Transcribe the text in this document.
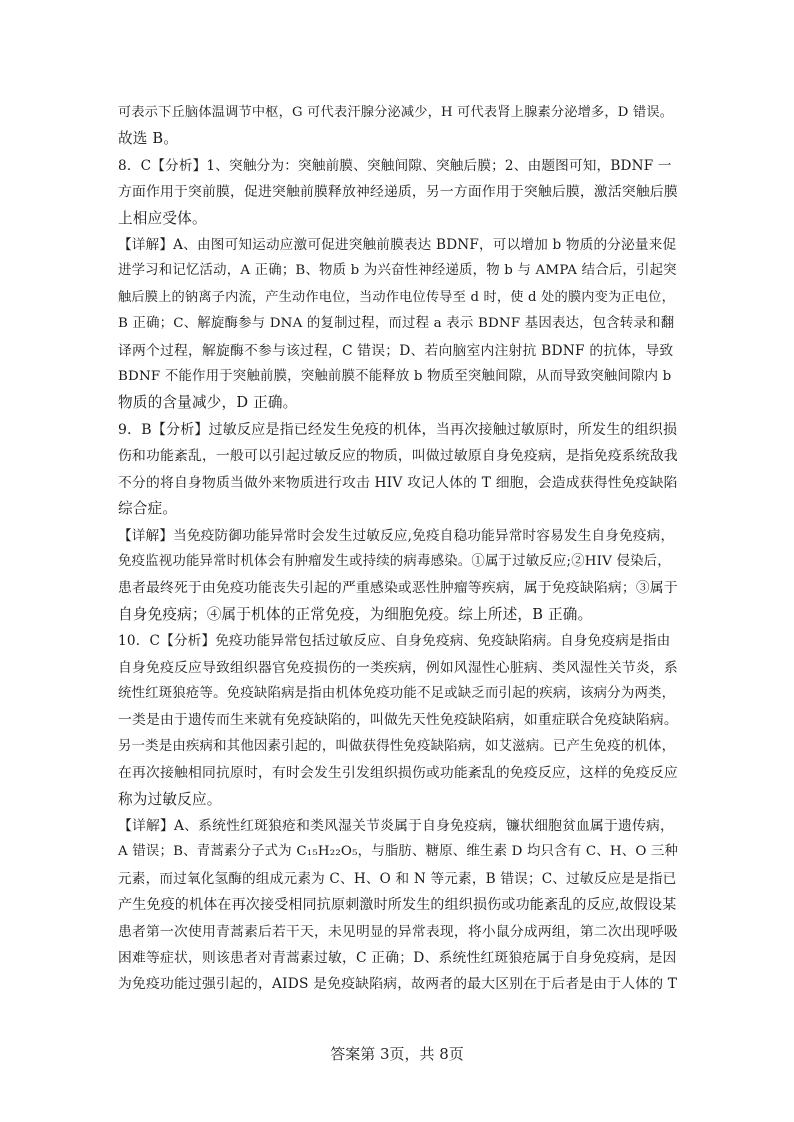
可表示下丘脑体温调节中枢，G 可代表汗腺分泌减少，H 可代表肾上腺素分泌增多，D 错误。

故选 B。

8．C【分析】1、突触分为：突触前膜、突触间隙、突触后膜；2、由题图可知，BDNF 一

方面作用于突前膜，促进突触前膜释放神经递质，另一方面作用于突触后膜，激活突触后膜

上相应受体。

【详解】A、由图可知运动应激可促进突触前膜表达 BDNF，可以增加 b 物质的分泌量来促

进学习和记忆活动，A 正确；B、物质 b 为兴奋性神经递质，物 b 与 AMPA 结合后，引起突

触后膜上的钠离子内流，产生动作电位，当动作电位传导至 d 时，使 d 处的膜内变为正电位，

B 正确；C、解旋酶参与 DNA 的复制过程，而过程 a 表示 BDNF 基因表达，包含转录和翻

译两个过程，解旋酶不参与该过程，C 错误；D、若向脑室内注射抗 BDNF 的抗体，导致

BDNF 不能作用于突触前膜，突触前膜不能释放 b 物质至突触间隙，从而导致突触间隙内 b

物质的含量减少，D 正确。

9．B【分析】过敏反应是指已经发生免疫的机体，当再次接触过敏原时，所发生的组织损

伤和功能紊乱，一般可以引起过敏反应的物质，叫做过敏原自身免疫病，是指免疫系统敌我

不分的将自身物质当做外来物质进行攻击 HIV 攻记人体的 T 细胞，会造成获得性免疫缺陷

综合症。

【详解】当免疫防御功能异常时会发生过敏反应,免疫自稳功能异常时容易发生自身免疫病，

免疫监视功能异常时机体会有肿瘤发生或持续的病毒感染。①属于过敏反应;②HIV 侵染后，

患者最终死于由免疫功能丧失引起的严重感染或恶性肿瘤等疾病，属于免疫缺陷病；③属于

自身免疫病；④属于机体的正常免疫，为细胞免疫。综上所述，B 正确。

10．C【分析】免疫功能异常包括过敏反应、自身免疫病、免疫缺陷病。自身免疫病是指由

自身免疫反应导致组织器官免疫损伤的一类疾病，例如风湿性心脏病、类风湿性关节炎，系

统性红斑狼疮等。免疫缺陷病是指由机体免疫功能不足或缺乏而引起的疾病，该病分为两类，

一类是由于遗传而生来就有免疫缺陷的，叫做先天性免疫缺陷病，如重症联合免疫缺陷病。

另一类是由疾病和其他因素引起的，叫做获得性免疫缺陷病，如艾滋病。已产生免疫的机体，

在再次接触相同抗原时，有时会发生引发组织损伤或功能紊乱的免疫反应，这样的免疫反应

称为过敏反应。

【详解】A、系统性红斑狼疮和类风湿关节炎属于自身免疫病，镰状细胞贫血属于遗传病，

A 错误；B、青蒿素分子式为 C₁₅H₂₂O₅，与脂肪、糖原、维生素 D 均只含有 C、H、O 三种

元素，而过氧化氢酶的组成元素为 C、H、O 和 N 等元素，B 错误；C、过敏反应是是指已

产生免疫的机体在再次接受相同抗原刺激时所发生的组织损伤或功能紊乱的反应,故假设某

患者第一次使用青蒿素后若干天，未见明显的异常表现，将小鼠分成两组，第二次出现呼吸

困难等症状，则该患者对青蒿素过敏，C 正确；D、系统性红斑狼疮属于自身免疫病，是因

为免疫功能过强引起的，AIDS 是免疫缺陷病，故两者的最大区别在于后者是由于人体的 T

答案第 3页，共 8页
